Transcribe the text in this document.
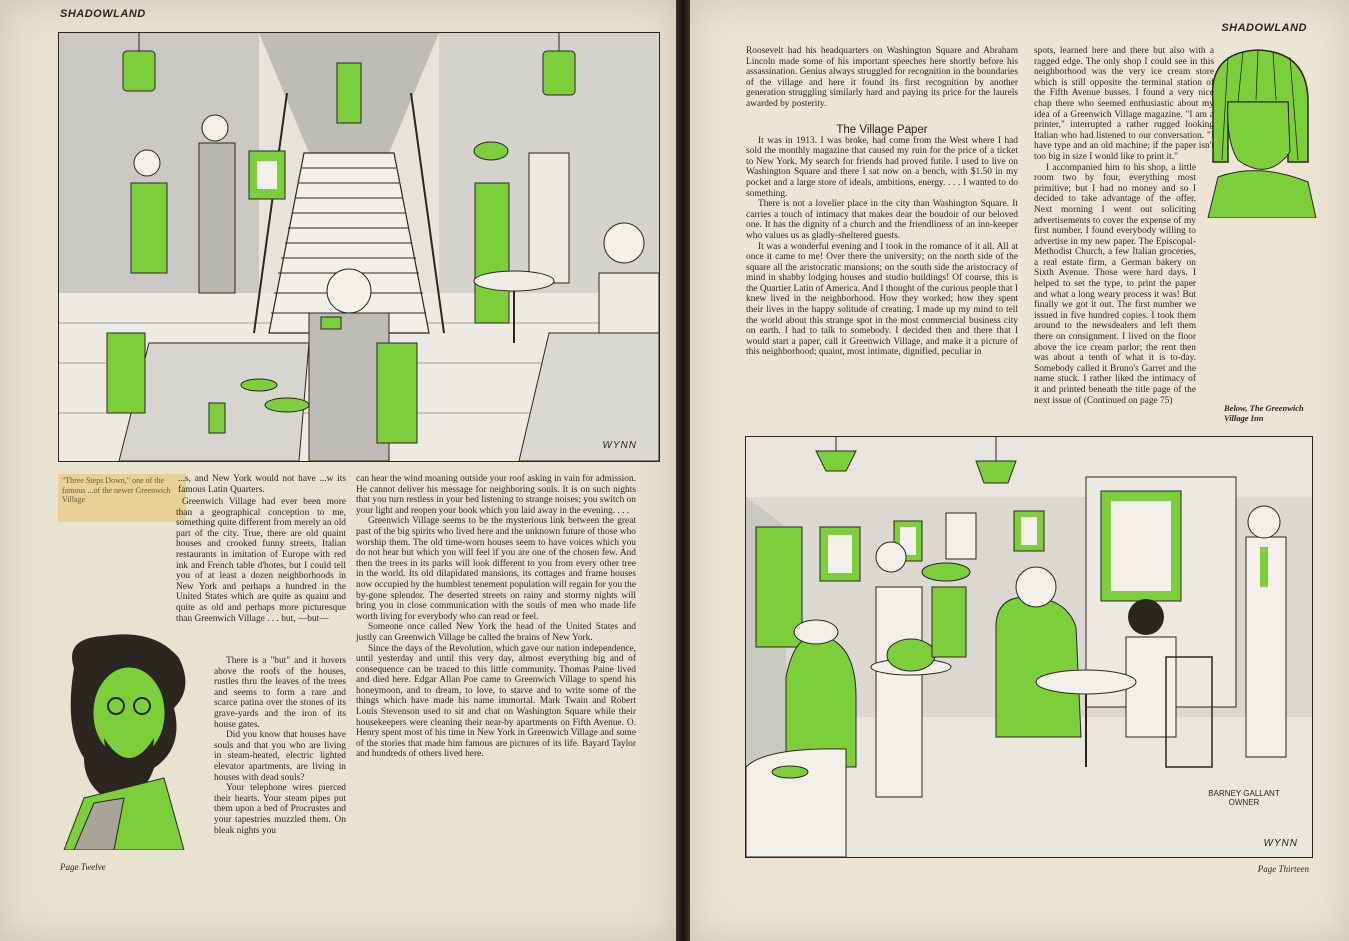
SHADOWLAND
WYNN
"Three Steps Down," one of the famous ...of the newer Greenwich Village

...s, and New York would not have ...w its famous Latin Quarters.

Greenwich Village had ever been more than a geographical conception to me, something quite different from merely an old part of the city. True, there are old quaint houses and crooked funny streets, Italian restaurants in imitation of Europe with red ink and French table d'hotes, but I could tell you of at least a dozen neighborhoods in New York and perhaps a hundred in the United States which are quite as quaint and quite as old and perhaps more picturesque than Greenwich Village . . . but, —but—

There is a "but" and it hovers above the roofs of the houses, rustles thru the leaves of the trees and seems to form a rare and scarce patina over the stones of its grave-yards and the iron of its house gates.

Did you know that houses have souls and that you who are living in steam-heated, electric lighted elevator apartments, are living in houses with dead souls?

Your telephone wires pierced their hearts. Your steam pipes put them upon a bed of Procrustes and your tapestries muzzled them. On bleak nights you

can hear the wind moaning outside your roof asking in vain for admission. He cannot deliver his message for neighboring souls. It is on such nights that you turn restless in your bed listening to strange noises; you switch on your light and reopen your book which you laid away in the evening. . . .

Greenwich Village seems to be the mysterious link between the great past of the big spirits who lived here and the unknown future of those who worship them. The old time-worn houses seem to have voices which you do not hear but which you will feel if you are one of the chosen few. And then the trees in its parks will look different to you from every other tree in the world. Its old dilapidated mansions, its cottages and frame houses now occupied by the humblest tenement population will regain for you the by-gone splendor. The deserted streets on rainy and stormy nights will bring you in close communication with the souls of men who made life worth living for everybody who can read or feel.

Someone once called New York the head of the United States and justly can Greenwich Village be called the brains of New York.

Since the days of the Revolution, which gave our nation independence, until yesterday and until this very day, almost everything big and of consequence can be traced to this little community. Thomas Paine lived and died here. Edgar Allan Poe came to Greenwich Village to spend his honeymoon, and to dream, to love, to starve and to write some of the things which have made his name immortal. Mark Twain and Robert Louis Stevenson used to sit and chat on Washington Square while their housekeepers were cleaning their near-by apartments on Fifth Avenue. O. Henry spent most of his time in New York in Greenwich Village and some of the stories that made him famous are pictures of its life. Bayard Taylor and hundreds of others lived here.

Page Twelve
SHADOWLAND

Roosevelt had his headquarters on Washington Square and Abraham Lincoln made some of his important speeches here shortly before his assassination. Genius always struggled for recognition in the boundaries of the village and here it found its first recognition by another generation struggling similarly hard and paying its price for the laurels awarded by posterity.

It was in 1913. I was broke, had come from the West where I had sold the monthly magazine that caused my ruin for the price of a ticket to New York. My search for friends had proved futile. I used to live on Washington Square and there I sat now on a bench, with $1.50 in my pocket and a large store of ideals, ambitions, energy. . . . I wanted to do something.

There is not a lovelier place in the city than Washington Square. It carries a touch of intimacy that makes dear the boudoir of our beloved one. It has the dignity of a church and the friendliness of an inn-keeper who values us as gladly-sheltered guests.

It was a wonderful evening and I took in the romance of it all. All at once it came to me! Over there the university; on the north side of the square all the aristocratic mansions; on the south side the aristocracy of mind in shabby lodging houses and studio buildings! Of course, this is the Quartier Latin of America. And I thought of the curious people that I knew lived in the neighborhood. How they worked; how they spent their lives in the happy solitude of creating. I made up my mind to tell the world about this strange spot in the most commercial business city on earth. I had to talk to somebody. I decided then and there that I would start a paper, call it Greenwich Village, and make it a picture of this neighborhood; quaint, most intimate, dignified, peculiar in

The Village Paper

spots, learned here and there but also with a ragged edge. The only shop I could see in this neighborhood was the very ice cream store which is still opposite the terminal station of the Fifth Avenue busses. I found a very nice chap there who seemed enthusiastic about my idea of a Greenwich Village magazine. "I am a printer," interrupted a rather rugged looking Italian who had listened to our conversation. "I have type and an old machine; if the paper isn't too big in size I would like to print it."

I accompanied him to his shop, a little room two by four, everything most primitive; but I had no money and so I decided to take advantage of the offer. Next morning I went out soliciting advertisements to cover the expense of my first number. I found everybody willing to advertise in my new paper. The Episcopal-Methodist Church, a few Italian groceries, a real estate firm, a German bakery on Sixth Avenue. Those were hard days. I helped to set the type, to print the paper and what a long weary process it was! But finally we got it out. The first number we issued in five hundred copies. I took them around to the newsdealers and left them there on consignment. I lived on the floor above the ice cream parlor; the rent then was about a tenth of what it is to-day. Somebody called it Bruno's Garret and the name stuck. I rather liked the intimacy of it and printed beneath the title page of the next issue of (Continued on page 75)

Below, The Greenwich Village Inn
BARNEY GALLANT
OWNER
WYNN
Page Thirteen
